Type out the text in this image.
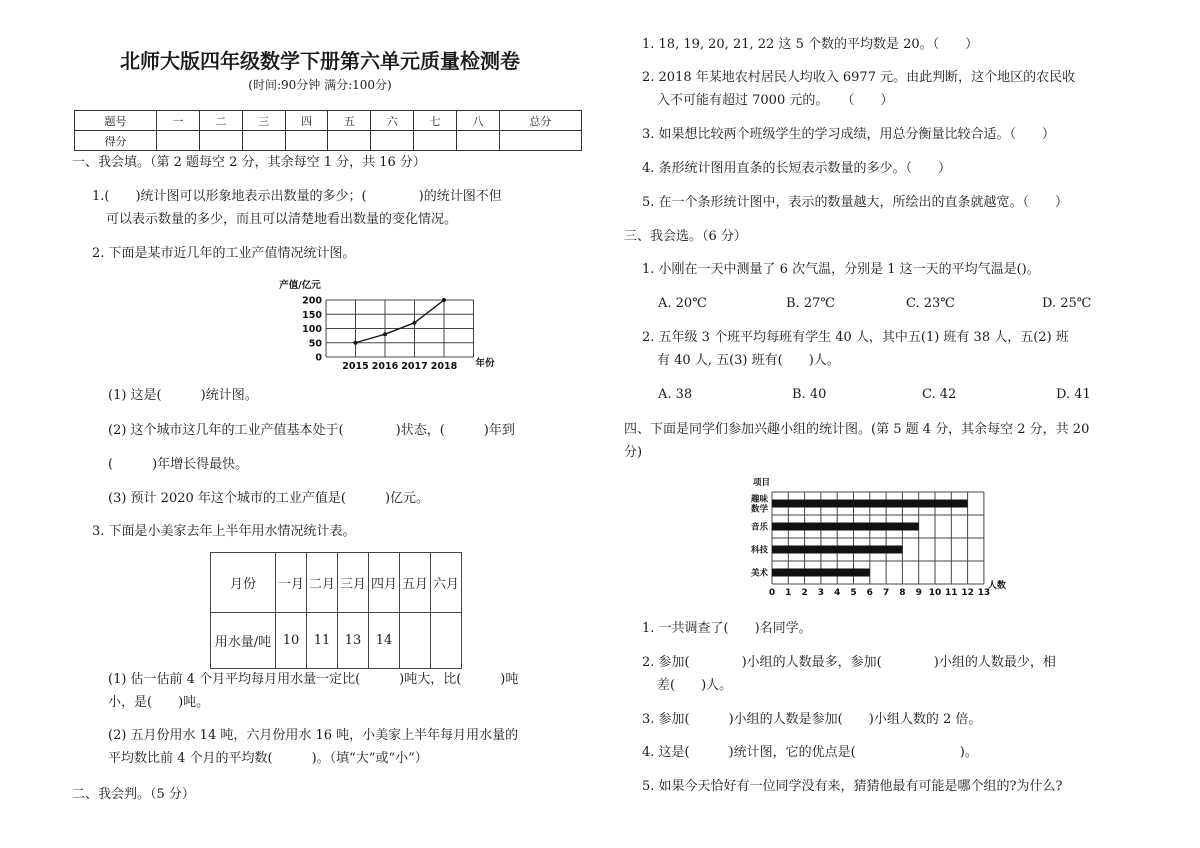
北师大版四年级数学下册第六单元质量检测卷
(时间:90分钟 满分:100分)
题号	一	二	三	四	五	六	七	八	总分
得分									
一、我会填。（第 2 题每空 2 分，其余每空 1 分，共 16 分）
1.(　　)统计图可以形象地表示出数量的多少；(　　　　)的统计图不但
可以表示数量的多少，而且可以清楚地看出数量的变化情况。
2. 下面是某市近几年的工业产值情况统计图。
0
50
100
150
200
产值/亿元
年份
2015 2016 2017 2018
(1) 这是(　　　)统计图。
(2) 这个城市这几年的工业产值基本处于(　　　　)状态，(　　　)年到
(　　　)年增长得最快。
(3) 预计 2020 年这个城市的工业产值是(　　　)亿元。
3. 下面是小美家去年上半年用水情况统计表。
月份	一月	二月	三月	四月	五月	六月
用水量/吨	10	11	13	14		
(1) 估一估前 4 个月平均每月用水量一定比(　　　)吨大，比(　　　)吨
小，是(　　)吨。
(2) 五月份用水 14 吨，六月份用水 16 吨，小美家上半年每月用水量的
平均数比前 4 个月的平均数(　　　)。（填“大”或“小”）
二、我会判。（5 分）
1. 18, 19, 20, 21, 22 这 5 个数的平均数是 20。（　　）
2. 2018 年某地农村居民人均收入 6977 元。由此判断，这个地区的农民收
入不可能有超过 7000 元的。　　（　　）
3. 如果想比较两个班级学生的学习成绩，用总分衡量比较合适。（　　）
4. 条形统计图用直条的长短表示数量的多少。（　　）
5. 在一个条形统计图中，表示的数量越大，所绘出的直条就越宽。（　　）
三、我会选。（6 分）
1. 小刚在一天中测量了 6 次气温，分别是 1 这一天的平均气温是()。
A. 20℃	B. 27℃	C. 23℃	D. 25℃
2. 五年级 3 个班平均每班有学生 40 人，其中五(1) 班有 38 人，五(2) 班
有 40 人, 五(3) 班有(　　)人。
A. 38	B. 40	C. 42	D. 41
四、下面是同学们参加兴趣小组的统计图。(第 5 题 4 分，其余每空 2 分，共 20
分)
0 1 2 3 4 5 6 7 8 9 10 11 12 13
项目
人数
趣味
数学
音乐
科技
美术
1. 一共调查了(　　)名同学。
2. 参加(　　　　)小组的人数最多，参加(　　　　)小组的人数最少，相
差(　　)人。
3. 参加(　　　)小组的人数是参加(　　)小组人数的 2 倍。
4. 这是(　　　)统计图，它的优点是(　　　　　　　　)。
5. 如果今天恰好有一位同学没有来，猜猜他最有可能是哪个组的?为什么?
